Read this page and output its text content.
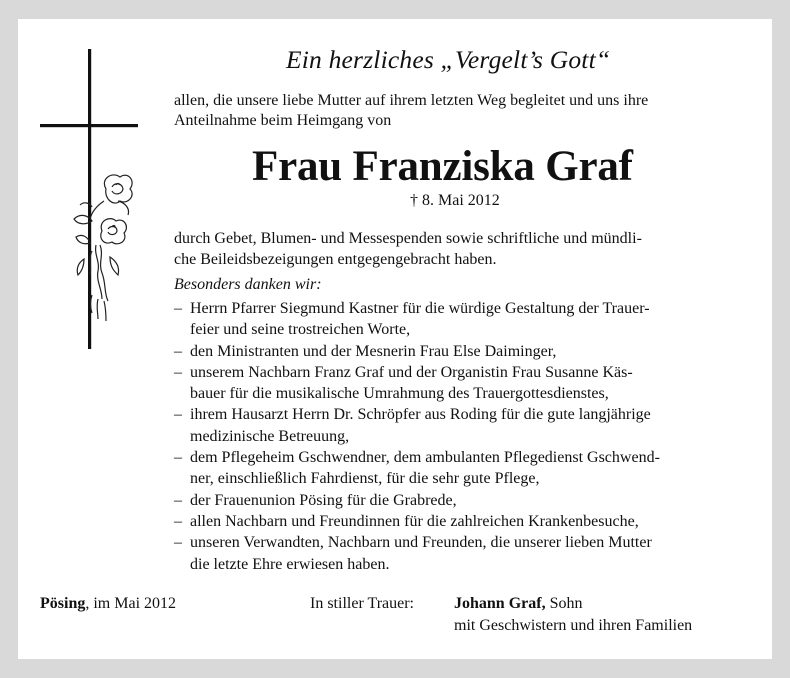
Ein herzliches „Vergelt’s Gott“
allen, die unsere liebe Mutter auf ihrem letzten Weg begleitet und uns ihre
Anteilnahme beim Heimgang von
Frau Franziska Graf
† 8. Mai 2012
durch Gebet, Blumen- und Messespenden sowie schriftliche und mündli-
che Beileidsbezeigungen entgegengebracht haben.
Besonders danken wir:
– Herrn Pfarrer Siegmund Kastner für die würdige Gestaltung der Trauer-
feier und seine trostreichen Worte,
– den Ministranten und der Mesnerin Frau Else Daiminger,
– unserem Nachbarn Franz Graf und der Organistin Frau Susanne Käs-
bauer für die musikalische Umrahmung des Trauergottesdienstes,
– ihrem Hausarzt Herrn Dr. Schröpfer aus Roding für die gute langjährige
medizinische Betreuung,
– dem Pflegeheim Gschwendner, dem ambulanten Pflegedienst Gschwend-
ner, einschließlich Fahrdienst, für die sehr gute Pflege,
– der Frauenunion Pösing für die Grabrede,
– allen Nachbarn und Freundinnen für die zahlreichen Krankenbesuche,
– unseren Verwandten, Nachbarn und Freunden, die unserer lieben Mutter
die letzte Ehre erwiesen haben.
Pösing, im Mai 2012	In stiller Trauer:	Johann Graf, Sohn
mit Geschwistern und ihren Familien
